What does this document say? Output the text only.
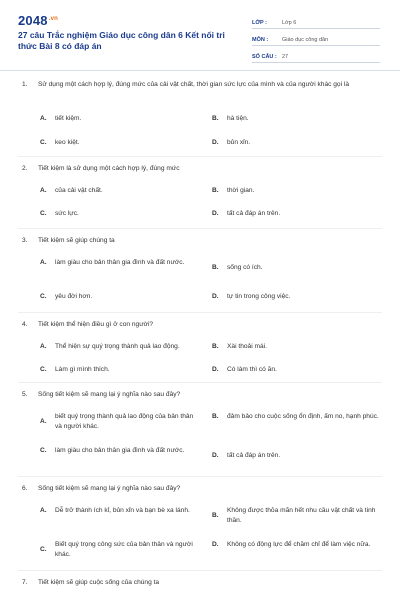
$2048^{.vn}$
27 câu Trắc nghiệm Giáo dục công dân 6 Kết nối tri thức Bài 8 có đáp án
LỚP :	Lớp 6
MÔN :	Giáo dục công dân
SỐ CÂU : 27
1. Sử dụng một cách hợp lý, đúng mức của cải vật chất, thời gian sức lực của mình và của người khác gọi là
A.	tiết kiệm.	B.	hà tiện.
C.	keo kiệt.	D.	bủn xỉn.
2. Tiết kiệm là sử dụng một cách hợp lý, đúng mức
A.	của cải vật chất.	B.	thời gian.
C.	sức lực.	D.	tất cả đáp án trên.
3. Tiết kiệm sẽ giúp chúng ta
A.	làm giàu cho bản thân gia đình và đất nước.
B.	sống có ích.
C.	yêu đời hơn.	D.	tự tin trong công việc.
4. Tiết kiệm thể hiện điều gì ở con người?
A.	Thể hiện sự quý trọng thành quả lao động.	B.	Xài thoải mái.
C.	Làm gì mình thích.	D.	Có làm thì có ăn.
5. Sống tiết kiệm sẽ mang lại ý nghĩa nào sau đây?
A.
biết quý trọng thành quả lao động của bản thân và người khác.
B.	đảm bảo cho cuộc sống ổn định, ấm no, hạnh phúc.
C.	làm giàu cho bản thân gia đình và đất nước.
D.	tất cả đáp án trên.
6. Sống tiết kiệm sẽ mang lại ý nghĩa nào sau đây?
A.	Dễ trở thành ích kỉ, bủn xỉn và bạn bè xa lánh.
B.
Không được thỏa mãn hết nhu cầu vật chất và tinh thần.
C.
Biết quý trọng công sức của bản thân và người khác.
D.	Không có động lực để chăm chỉ để làm việc nữa.
7. Tiết kiệm sẽ giúp cuộc sống của chúng ta
